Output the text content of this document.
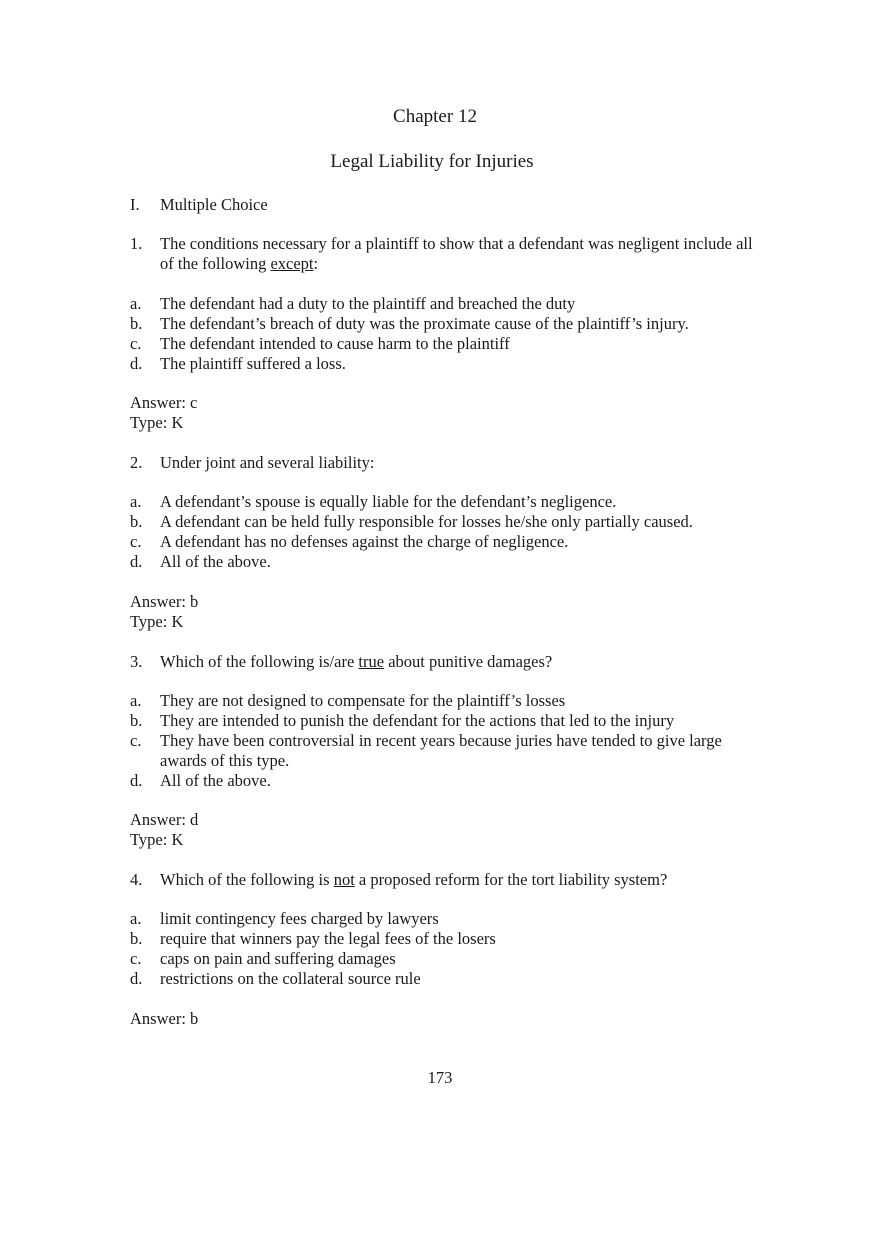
Chapter 12
Legal Liability for Injuries
I. Multiple Choice
1. The conditions necessary for a plaintiff to show that a defendant was negligent include all of the following except:
a. The defendant had a duty to the plaintiff and breached the duty
b. The defendant’s breach of duty was the proximate cause of the plaintiff’s injury.
c. The defendant intended to cause harm to the plaintiff
d. The plaintiff suffered a loss.
Answer: c
Type: K
2. Under joint and several liability:
a. A defendant’s spouse is equally liable for the defendant’s negligence.
b. A defendant can be held fully responsible for losses he/she only partially caused.
c. A defendant has no defenses against the charge of negligence.
d. All of the above.
Answer: b
Type: K
3. Which of the following is/are true about punitive damages?
a. They are not designed to compensate for the plaintiff’s losses
b. They are intended to punish the defendant for the actions that led to the injury
c. They have been controversial in recent years because juries have tended to give large awards of this type.
d. All of the above.
Answer: d
Type: K
4. Which of the following is not a proposed reform for the tort liability system?
a. limit contingency fees charged by lawyers
b. require that winners pay the legal fees of the losers
c. caps on pain and suffering damages
d. restrictions on the collateral source rule
Answer: b
173
